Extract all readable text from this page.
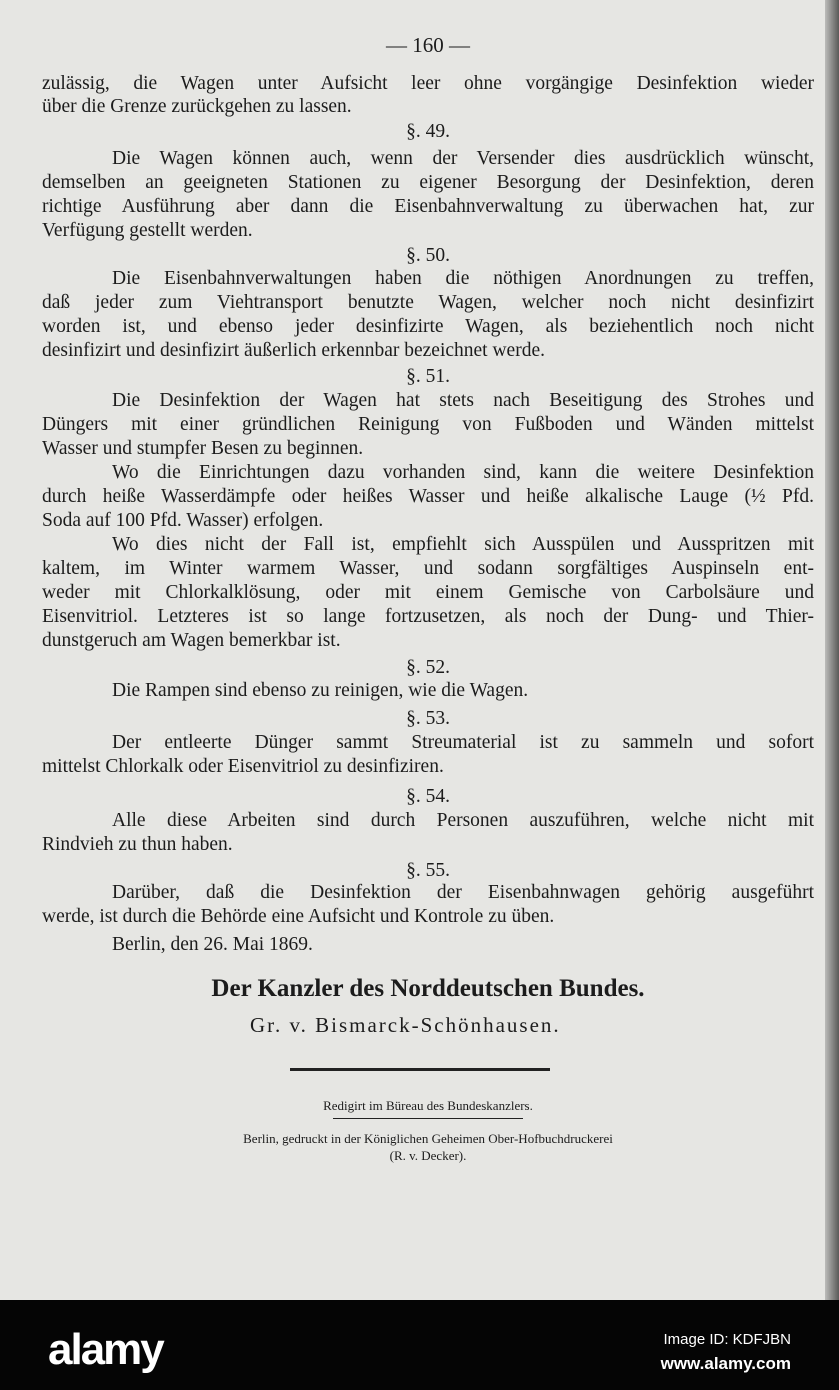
— 160 —
zulässig, die Wagen unter Aufsicht leer ohne vorgängige Desinfektion wieder
über die Grenze zurückgehen zu lassen.
§. 49.
Die Wagen können auch, wenn der Versender dies ausdrücklich wünscht,
demselben an geeigneten Stationen zu eigener Besorgung der Desinfektion, deren
richtige Ausführung aber dann die Eisenbahnverwaltung zu überwachen hat, zur
Verfügung gestellt werden.
§. 50.
Die Eisenbahnverwaltungen haben die nöthigen Anordnungen zu treffen,
daß jeder zum Viehtransport benutzte Wagen, welcher noch nicht desinfizirt
worden ist, und ebenso jeder desinfizirte Wagen, als beziehentlich noch nicht
desinfizirt und desinfizirt äußerlich erkennbar bezeichnet werde.
§. 51.
Die Desinfektion der Wagen hat stets nach Beseitigung des Strohes und
Düngers mit einer gründlichen Reinigung von Fußboden und Wänden mittelst
Wasser und stumpfer Besen zu beginnen.
Wo die Einrichtungen dazu vorhanden sind, kann die weitere Desinfektion
durch heiße Wasserdämpfe oder heißes Wasser und heiße alkalische Lauge (½ Pfd.
Soda auf 100 Pfd. Wasser) erfolgen.
Wo dies nicht der Fall ist, empfiehlt sich Ausspülen und Ausspritzen mit
kaltem, im Winter warmem Wasser, und sodann sorgfältiges Auspinseln ent-
weder mit Chlorkalklösung, oder mit einem Gemische von Carbolsäure und
Eisenvitriol. Letzteres ist so lange fortzusetzen, als noch der Dung- und Thier-
dunstgeruch am Wagen bemerkbar ist.
§. 52.
Die Rampen sind ebenso zu reinigen, wie die Wagen.
§. 53.
Der entleerte Dünger sammt Streumaterial ist zu sammeln und sofort
mittelst Chlorkalk oder Eisenvitriol zu desinfiziren.
§. 54.
Alle diese Arbeiten sind durch Personen auszuführen, welche nicht mit
Rindvieh zu thun haben.
§. 55.
Darüber, daß die Desinfektion der Eisenbahnwagen gehörig ausgeführt
werde, ist durch die Behörde eine Aufsicht und Kontrole zu üben.
Berlin, den 26. Mai 1869.
Der Kanzler des Norddeutschen Bundes.
Gr. v. Bismarck-Schönhausen.
Redigirt im Büreau des Bundeskanzlers.
Berlin, gedruckt in der Königlichen Geheimen Ober-Hofbuchdruckerei
(R. v. Decker).
alamy	Image ID: KDFJBN
www.alamy.com
